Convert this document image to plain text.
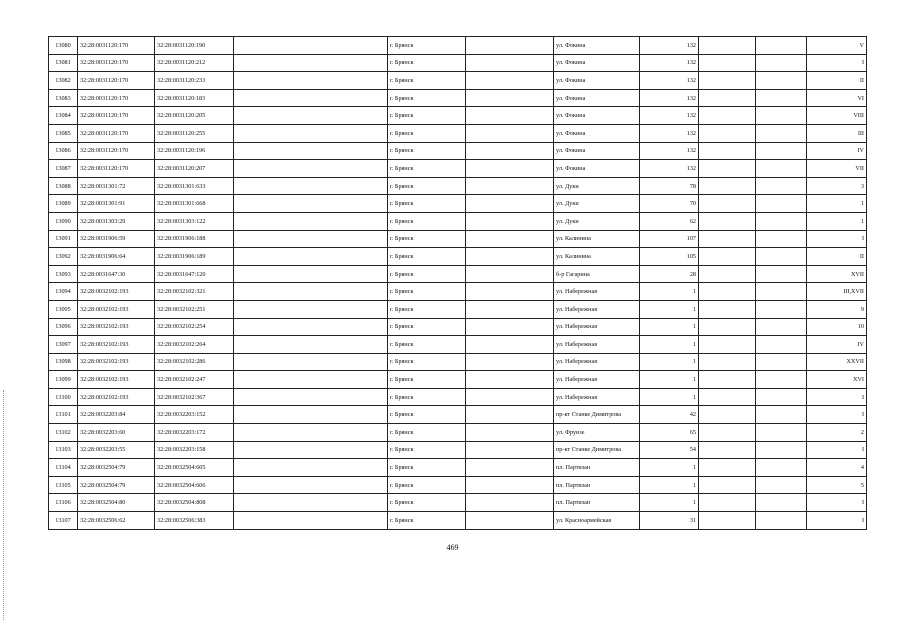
13080	32:28:0031120:170	32:28:0031120:190		г. Брянск		ул. Фокина	132			V
13081	32:28:0031120:170	32:28:0031120:212		г. Брянск		ул. Фокина	132			I
13082	32:28:0031120:170	32:28:0031120:233		г. Брянск		ул. Фокина	132			II
13083	32:28:0031120:170	32:28:0031120:183		г. Брянск		ул. Фокина	132			VI
13084	32:28:0031120:170	32:28:0031120:205		г. Брянск		ул. Фокина	132			VIII
13085	32:28:0031120:170	32:28:0031120:255		г. Брянск		ул. Фокина	132			III
13086	32:28:0031120:170	32:28:0031120:196		г. Брянск		ул. Фокина	132			IV
13087	32:28:0031120:170	32:28:0031120:207		г. Брянск		ул. Фокина	132			VII
13088	32:28:0031301:72	32:28:0031301:633		г. Брянск		ул. Дуки	78			3
13089	32:28:0031301:91	32:28:0031301:668		г. Брянск		ул. Дуки	70			1
13090	32:28:0031303:29	32:28:0031303:122		г. Брянск		ул. Дуки	62			1
13091	32:28:0031906:59	32:28:0031906:188		г. Брянск		ул. Калинина	107			I
13092	32:28:0031906:64	32:28:0031906:189		г. Брянск		ул. Калинина	105			II
13093	32:28:0031647:30	32:28:0031647:120		г. Брянск		б-р Гагарина	28			XVII
13094	32:28:0032102:193	32:28:0032102:321		г. Брянск		ул. Набережная	1			III,XVII
13095	32:28:0032102:193	32:28:0032102:251		г. Брянск		ул. Набережная	1			9
13096	32:28:0032102:193	32:28:0032102:254		г. Брянск		ул. Набережная	1			10
13097	32:28:0032102:193	32:28:0032102:264		г. Брянск		ул. Набережная	1			IV
13098	32:28:0032102:193	32:28:0032102:286		г. Брянск		ул. Набережная	1			XXVII
13099	32:28:0032102:193	32:28:0032102:247		г. Брянск		ул. Набережная	1			XVI
13100	32:28:0032102:193	32:28:0032102:367		г. Брянск		ул. Набережная	1			I
13101	32:28:0032203:84	32:28:0032203:152		г. Брянск		пр-кт Станке Димитрова	42			I
13102	32:28:0032203:60	32:28:0032203:172		г. Брянск		ул. Фрунзе	65			2
13103	32:28:0032203:55	32:28:0032203:158		г. Брянск		пр-кт Станке Димитрова	54			I
13104	32:28:0032504:79	32:28:0032504:605		г. Брянск		пл. Партизан	1			4
13105	32:28:0032504:79	32:28:0032504:606		г. Брянск		пл. Партизан	1			5
13106	32:28:0032504:80	32:28:0032504:808		г. Брянск		пл. Партизан	1			I
13107	32:28:0032506:62	32:28:0032506:383		г. Брянск		ул. Красноармейская	31			I
469
